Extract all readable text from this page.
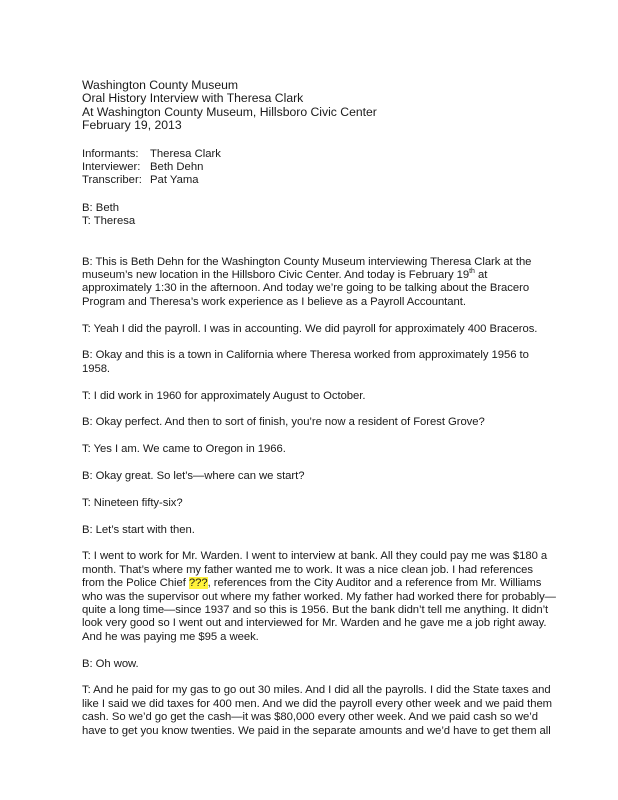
Washington County Museum
Oral History Interview with Theresa Clark
At Washington County Museum, Hillsboro Civic Center
February 19, 2013
Informants:	Theresa Clark
Interviewer: Beth Dehn
Transcriber: Pat Yama
B: Beth
T: Theresa
B: This is Beth Dehn for the Washington County Museum interviewing Theresa Clark at the
museum’s new location in the Hillsboro Civic Center. And today is February 19th at
approximately 1:30 in the afternoon. And today we’re going to be talking about the Bracero
Program and Theresa’s work experience as I believe as a Payroll Accountant.
T: Yeah I did the payroll. I was in accounting. We did payroll for approximately 400 Braceros.
B: Okay and this is a town in California where Theresa worked from approximately 1956 to
1958.
T: I did work in 1960 for approximately August to October.
B: Okay perfect. And then to sort of finish, you’re now a resident of Forest Grove?
T: Yes I am. We came to Oregon in 1966.
B: Okay great. So let’s—where can we start?
T: Nineteen fifty-six?
B: Let’s start with then.
T: I went to work for Mr. Warden. I went to interview at bank. All they could pay me was $180 a
month. That’s where my father wanted me to work. It was a nice clean job. I had references
from the Police Chief ???, references from the City Auditor and a reference from Mr. Williams
who was the supervisor out where my father worked. My father had worked there for probably—
quite a long time—since 1937 and so this is 1956. But the bank didn’t tell me anything. It didn’t
look very good so I went out and interviewed for Mr. Warden and he gave me a job right away.
And he was paying me $95 a week.
B: Oh wow.
T: And he paid for my gas to go out 30 miles. And I did all the payrolls. I did the State taxes and
like I said we did taxes for 400 men. And we did the payroll every other week and we paid them
cash. So we’d go get the cash—it was $80,000 every other week. And we paid cash so we’d
have to get you know twenties. We paid in the separate amounts and we’d have to get them all
